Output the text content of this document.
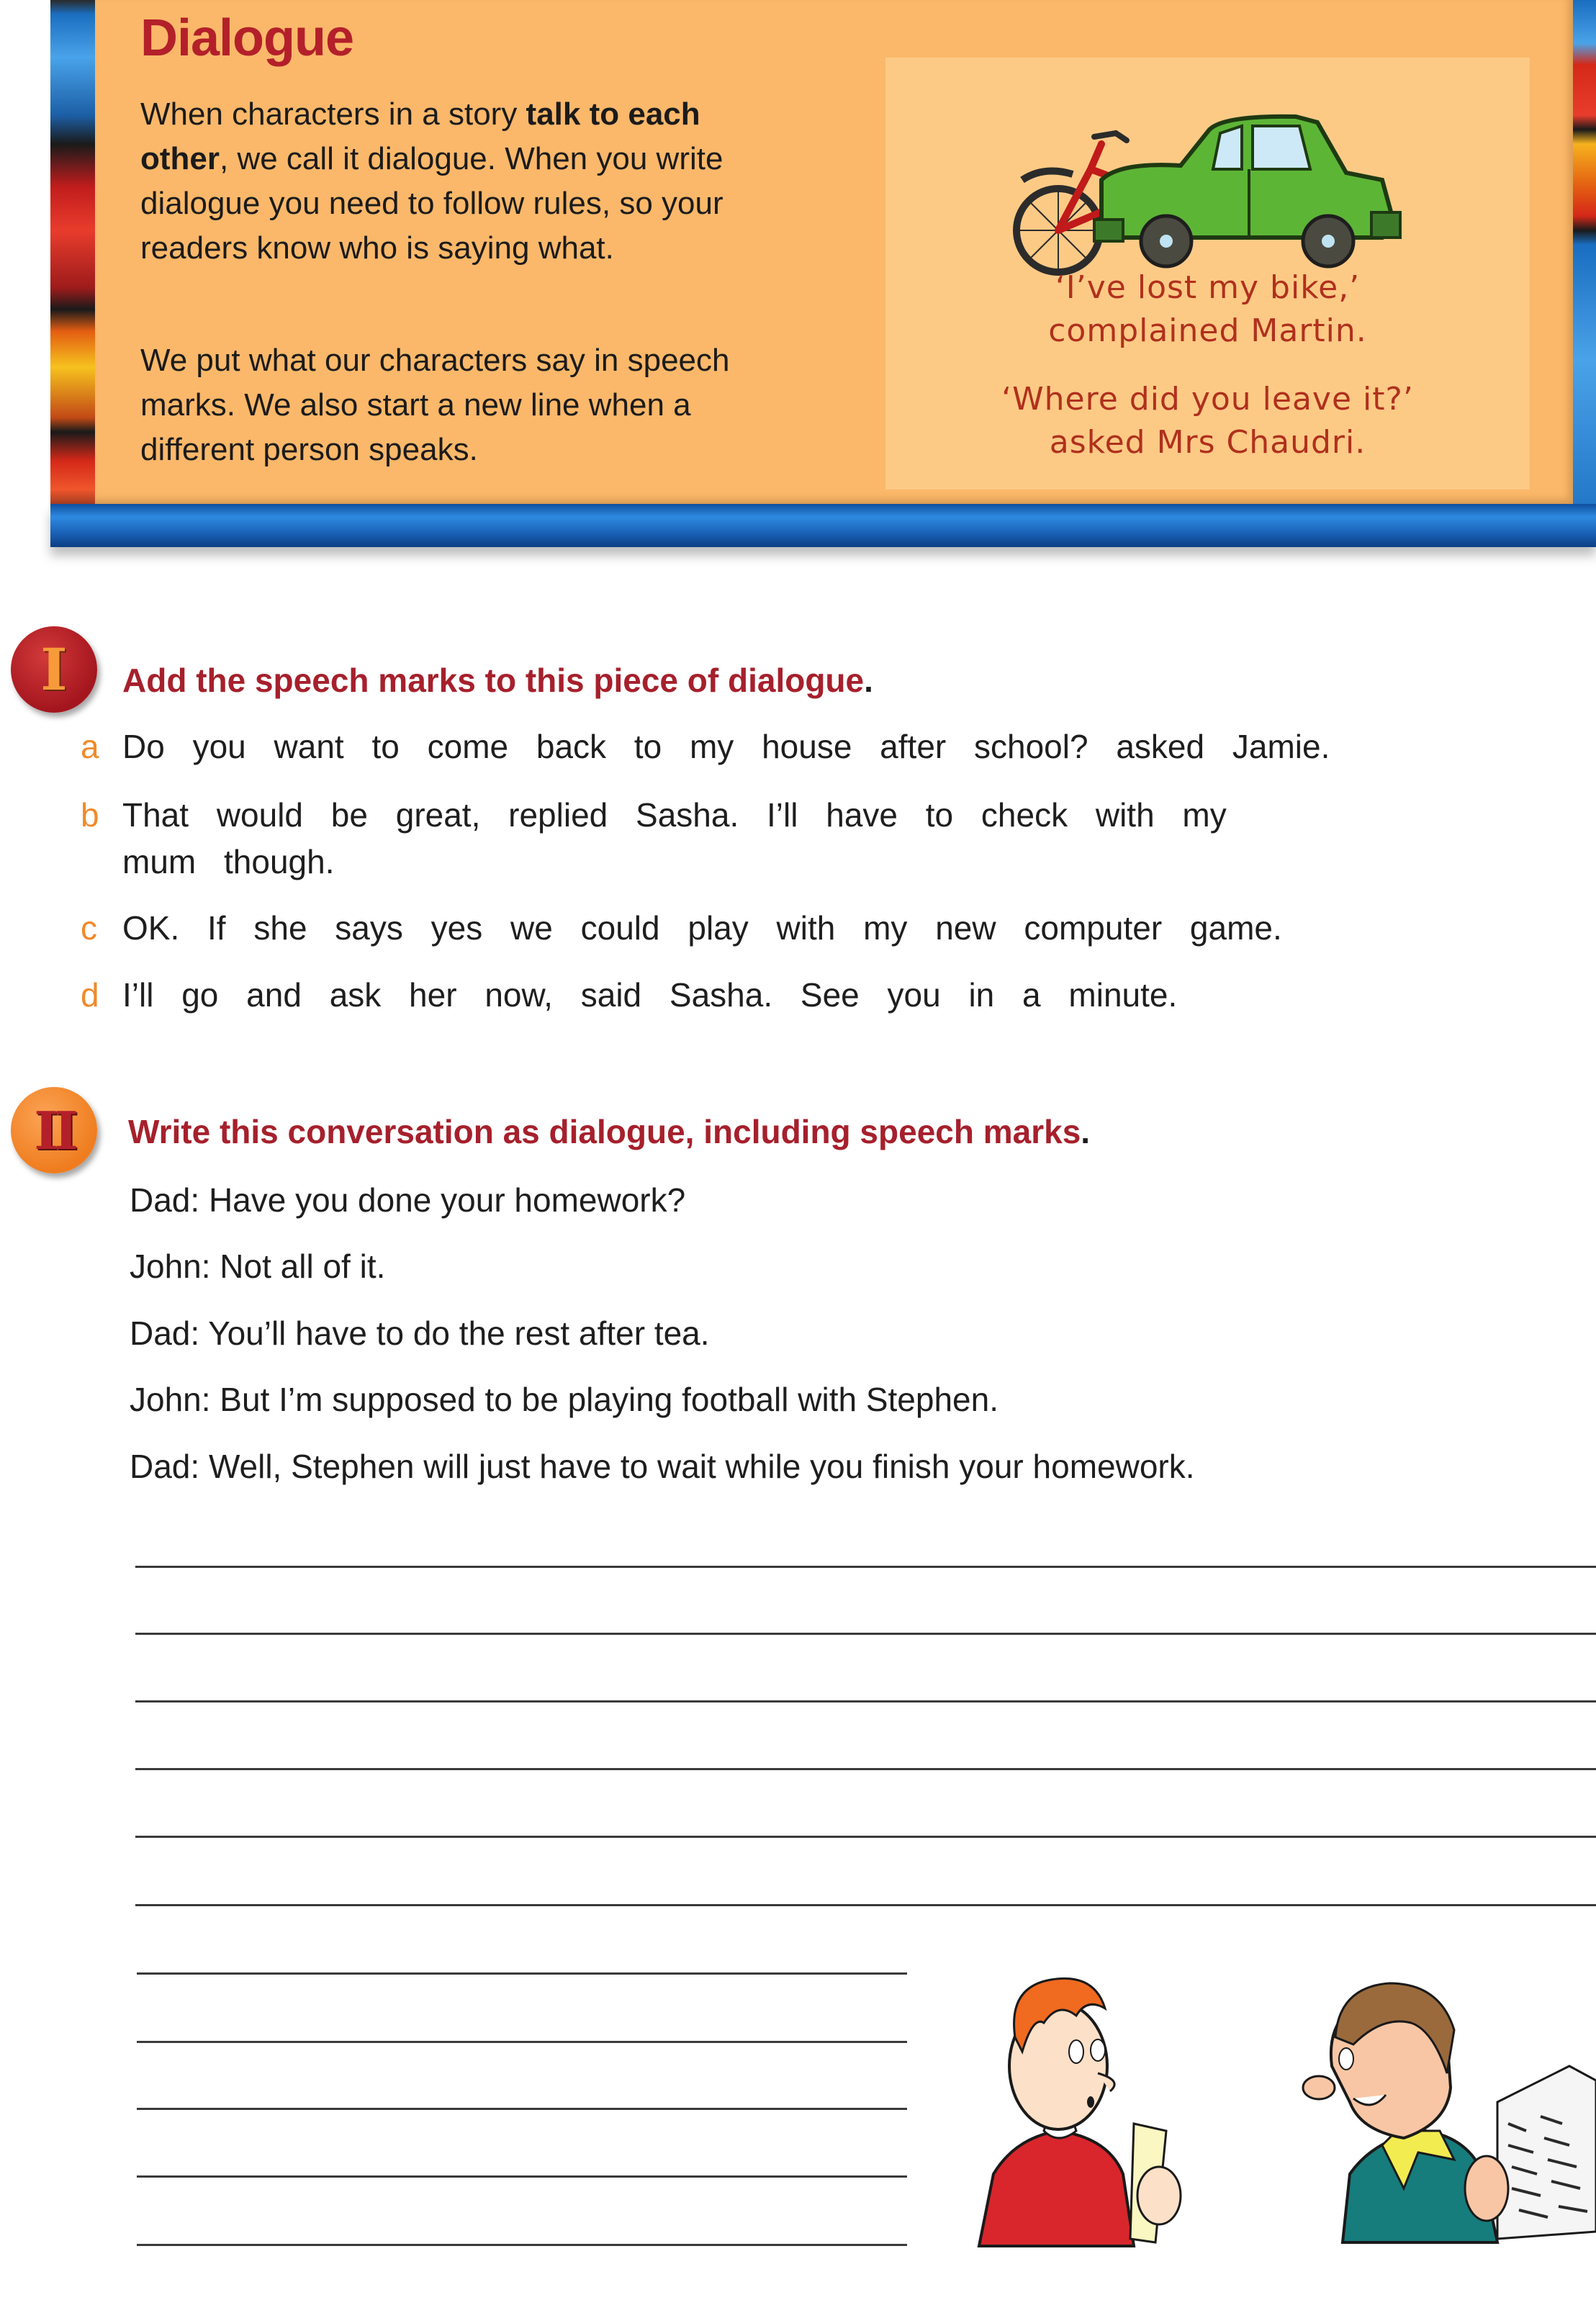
Dialogue
When characters in a story talk to each other, we call it dialogue. When you write dialogue you need to follow rules, so your readers know who is saying what.
We put what our characters say in speech marks. We also start a new line when a different person speaks.
‘I’ve lost my bike,’
complained Martin.
‘Where did you leave it?’
asked Mrs Chaudri.
I	Add the speech marks to this piece of dialogue.
a Do you want to come back to my house after school? asked Jamie.
b That would be great, replied Sasha. I’ll have to check with my
mum though.
c OK. If she says yes we could play with my new computer game.
d I’ll go and ask her now, said Sasha. See you in a minute.
II	Write this conversation as dialogue, including speech marks.
Dad: Have you done your homework?
John: Not all of it.
Dad: You’ll have to do the rest after tea.
John: But I’m supposed to be playing football with Stephen.
Dad: Well, Stephen will just have to wait while you finish your homework.
